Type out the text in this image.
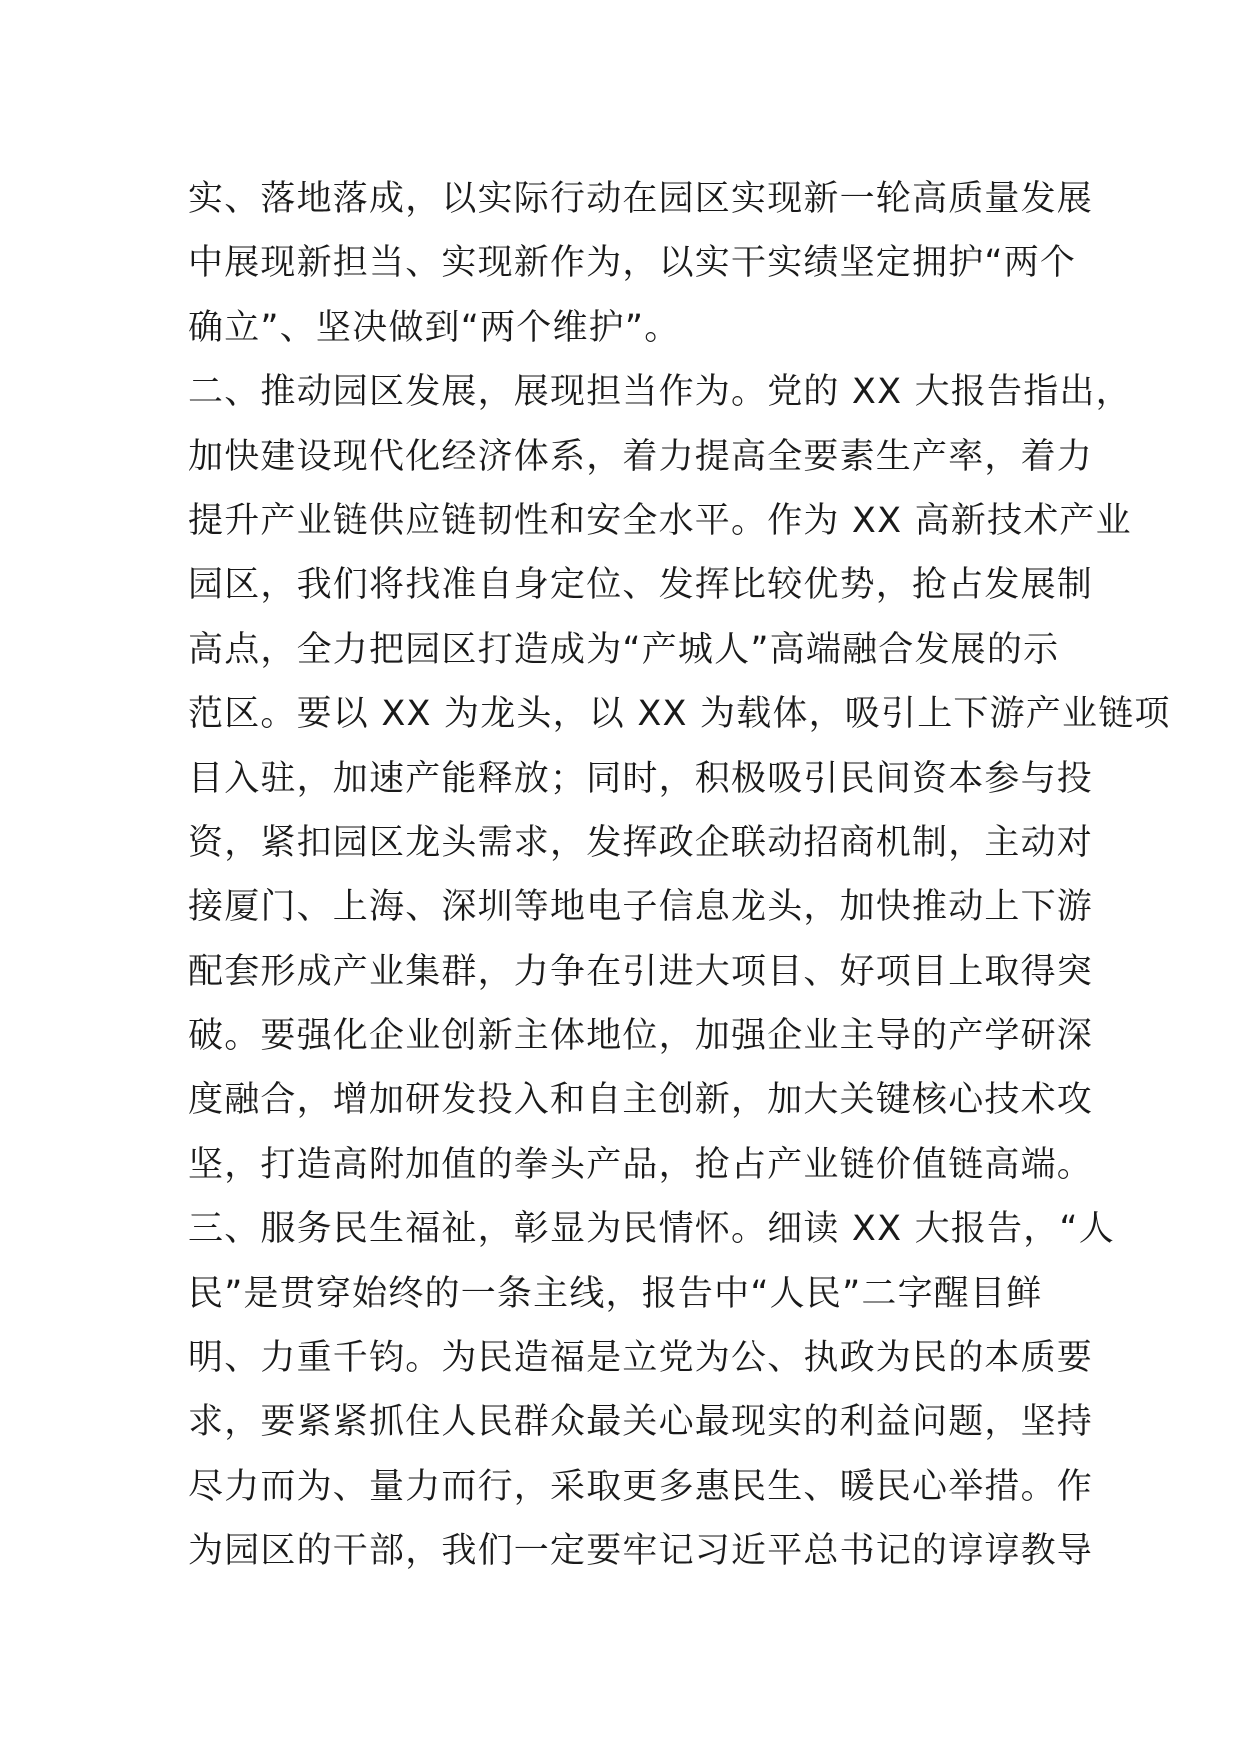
实、落地落成，以实际行动在园区实现新一轮高质量发展
中展现新担当、实现新作为，以实干实绩坚定拥护“两个
确立”、坚决做到“两个维护”。
二、推动园区发展，展现担当作为。党的 XX 大报告指出，
加快建设现代化经济体系，着力提高全要素生产率，着力
提升产业链供应链韧性和安全水平。作为 XX 高新技术产业
园区，我们将找准自身定位、发挥比较优势，抢占发展制
高点，全力把园区打造成为“产城人”高端融合发展的示
范区。要以 XX 为龙头，以 XX 为载体，吸引上下游产业链项
目入驻，加速产能释放；同时，积极吸引民间资本参与投
资，紧扣园区龙头需求，发挥政企联动招商机制，主动对
接厦门、上海、深圳等地电子信息龙头，加快推动上下游
配套形成产业集群，力争在引进大项目、好项目上取得突
破。要强化企业创新主体地位，加强企业主导的产学研深
度融合，增加研发投入和自主创新，加大关键核心技术攻
坚，打造高附加值的拳头产品，抢占产业链价值链高端。
三、服务民生福祉，彰显为民情怀。细读 XX 大报告，“人
民”是贯穿始终的一条主线，报告中“人民”二字醒目鲜
明、力重千钧。为民造福是立党为公、执政为民的本质要
求，要紧紧抓住人民群众最关心最现实的利益问题，坚持
尽力而为、量力而行，采取更多惠民生、暖民心举措。作
为园区的干部，我们一定要牢记习近平总书记的谆谆教导
